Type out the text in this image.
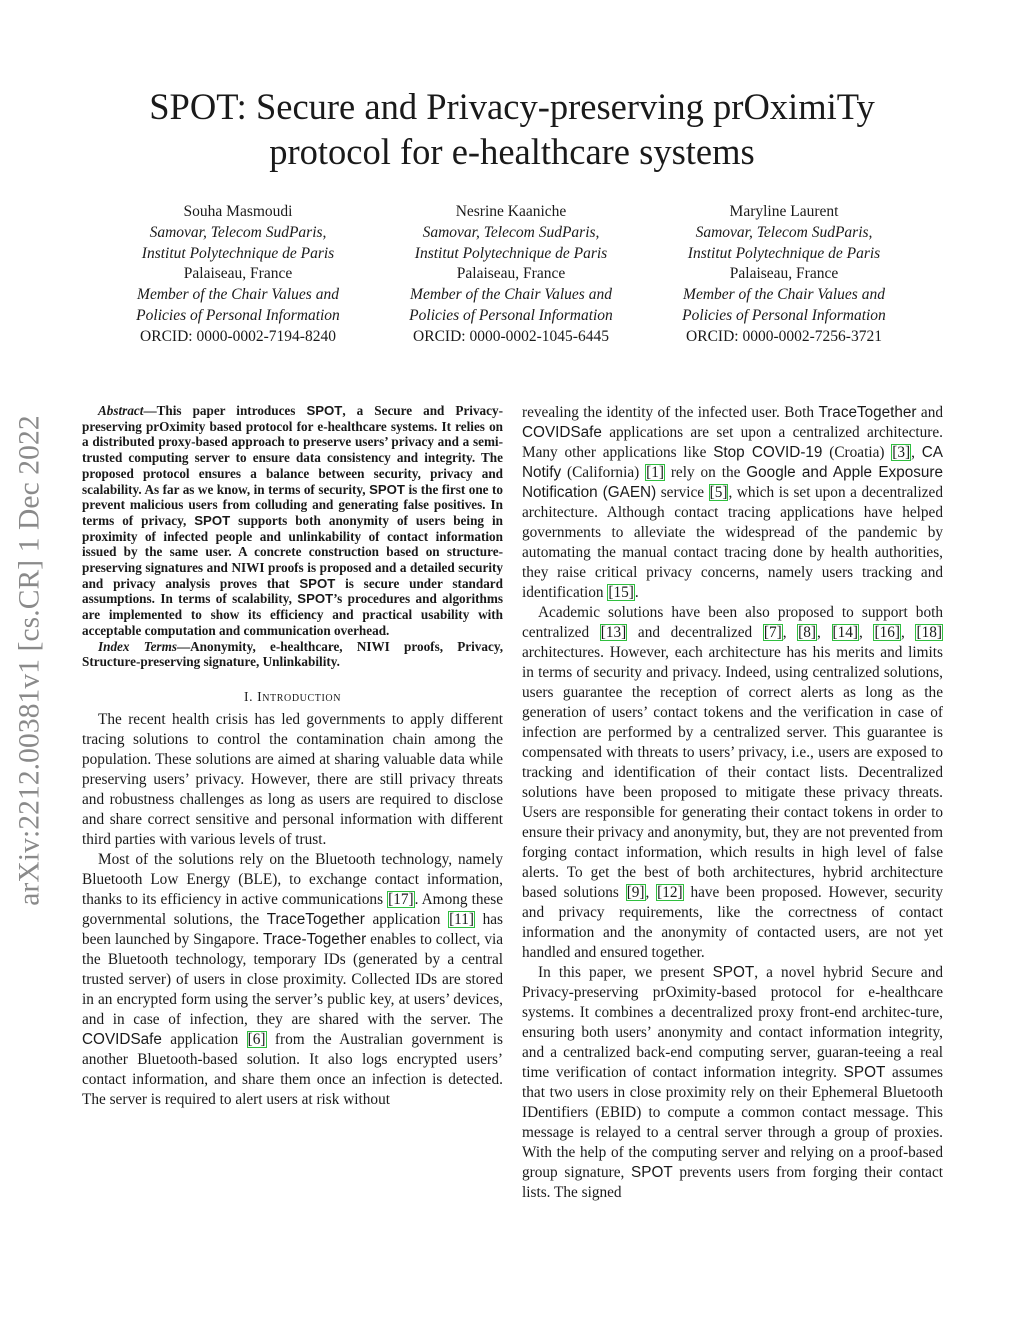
arXiv:2212.00381v1 [cs.CR] 1 Dec 2022
SPOT: Secure and Privacy-preserving prOximiTy
protocol for e-healthcare systems
Souha Masmoudi
Samovar, Telecom SudParis,
Institut Polytechnique de Paris
Palaiseau, France
Member of the Chair Values and
Policies of Personal Information
ORCID: 0000-0002-7194-8240
Nesrine Kaaniche
Samovar, Telecom SudParis,
Institut Polytechnique de Paris
Palaiseau, France
Member of the Chair Values and
Policies of Personal Information
ORCID: 0000-0002-1045-6445
Maryline Laurent
Samovar, Telecom SudParis,
Institut Polytechnique de Paris
Palaiseau, France
Member of the Chair Values and
Policies of Personal Information
ORCID: 0000-0002-7256-3721

Abstract—This paper introduces SPOT, a Secure and Privacy-preserving prOximity based protocol for e-healthcare systems. It relies on a distributed proxy-based approach to preserve users’ privacy and a semi-trusted computing server to ensure data consistency and integrity. The proposed protocol ensures a balance between security, privacy and scalability. As far as we know, in terms of security, SPOT is the first one to prevent malicious users from colluding and generating false positives. In terms of privacy, SPOT supports both anonymity of users being in proximity of infected people and unlinkability of contact information issued by the same user. A concrete construction based on structure-preserving signatures and NIWI proofs is proposed and a detailed security and privacy analysis proves that SPOT is secure under standard assumptions. In terms of scalability, SPOT’s procedures and algorithms are implemented to show its efficiency and practical usability with acceptable computation and communication overhead.

Index Terms—Anonymity, e-healthcare, NIWI proofs, Privacy, Structure-preserving signature, Unlinkability.

I. Introduction

The recent health crisis has led governments to apply different tracing solutions to control the contamination chain among the population. These solutions are aimed at sharing valuable data while preserving users’ privacy. However, there are still privacy threats and robustness challenges as long as users are required to disclose and share correct sensitive and personal information with different third parties with various levels of trust.

Most of the solutions rely on the Bluetooth technology, namely Bluetooth Low Energy (BLE), to exchange contact information, thanks to its efficiency in active communications [17]. Among these governmental solutions, the TraceTogether application [11] has been launched by Singapore. Trace-Together enables to collect, via the Bluetooth technology, temporary IDs (generated by a central trusted server) of users in close proximity. Collected IDs are stored in an encrypted form using the server’s public key, at users’ devices, and in case of infection, they are shared with the server. The COVIDSafe application [6] from the Australian government is another Bluetooth-based solution. It also logs encrypted users’ contact information, and share them once an infection is detected. The server is required to alert users at risk without

revealing the identity of the infected user. Both TraceTogether and COVIDSafe applications are set upon a centralized architecture. Many other applications like Stop COVID-19 (Croatia) [3], CA Notify (California) [1] rely on the Google and Apple Exposure Notification (GAEN) service [5], which is set upon a decentralized architecture. Although contact tracing applications have helped governments to alleviate the widespread of the pandemic by automating the manual contact tracing done by health authorities, they raise critical privacy concerns, namely users tracking and identification [15].

Academic solutions have been also proposed to support both centralized [13] and decentralized [7], [8], [14], [16], [18] architectures. However, each architecture has his merits and limits in terms of security and privacy. Indeed, using centralized solutions, users guarantee the reception of correct alerts as long as the generation of users’ contact tokens and the verification in case of infection are performed by a centralized server. This guarantee is compensated with threats to users’ privacy, i.e., users are exposed to tracking and identification of their contact lists. Decentralized solutions have been proposed to mitigate these privacy threats. Users are responsible for generating their contact tokens in order to ensure their privacy and anonymity, but, they are not prevented from forging contact information, which results in high level of false alerts. To get the best of both architectures, hybrid architecture based solutions [9], [12] have been proposed. However, security and privacy requirements, like the correctness of contact information and the anonymity of contacted users, are not yet handled and ensured together.

In this paper, we present SPOT, a novel hybrid Secure and Privacy-preserving prOximity-based protocol for e-healthcare systems. It combines a decentralized proxy front-end architec-ture, ensuring both users’ anonymity and contact information integrity, and a centralized back-end computing server, guaran-teeing a real time verification of contact information integrity. SPOT assumes that two users in close proximity rely on their Ephemeral Bluetooth IDentifiers (EBID) to compute a common contact message. This message is relayed to a central server through a group of proxies. With the help of the computing server and relying on a proof-based group signature, SPOT prevents users from forging their contact lists. The signed
